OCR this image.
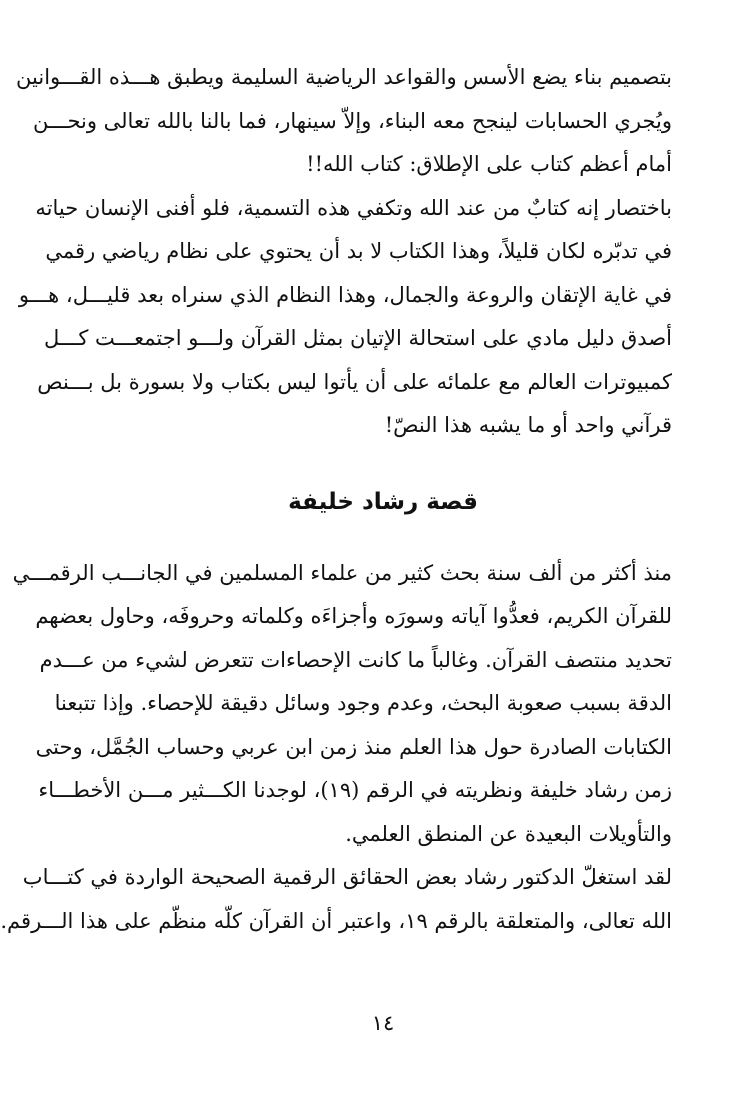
بتصميم بناء يضع الأسس والقواعد الرياضية السليمة ويطبق هـــذه القـــوانين
ويُجري الحسابات لينجح معه البناء، وإلاّ سينهار، فما بالنا بالله تعالى ونحـــن
أمام أعظم كتاب على الإطلاق: كتاب الله!!

باختصار إنه كتابٌ من عند الله وتكفي هذه التسمية، فلو أفنى الإنسان حياته
في تدبّره لكان قليلاً، وهذا الكتاب لا بد أن يحتوي على نظام رياضي رقمي
في غاية الإتقان والروعة والجمال، وهذا النظام الذي سنراه بعد قليـــل، هـــو
أصدق دليل مادي على استحالة الإتيان بمثل القرآن ولـــو اجتمعـــت كـــل
كمبيوترات العالم مع علمائه على أن يأتوا ليس بكتاب ولا بسورة بل بـــنص
قرآني واحد أو ما يشبه هذا النصّ!

قصة رشاد خليفة

منذ أكثر من ألف سنة بحث كثير من علماء المسلمين في الجانـــب الرقمـــي
للقرآن الكريم، فعدُّوا آياته وسورَه وأجزاءَه وكلماته وحروفَه، وحاول بعضهم
تحديد منتصف القرآن. وغالباً ما كانت الإحصاءات تتعرض لشيء من عـــدم
الدقة بسبب صعوبة البحث، وعدم وجود وسائل دقيقة للإحصاء. وإذا تتبعنا
الكتابات الصادرة حول هذا العلم منذ زمن ابن عربي وحساب الجُمَّل، وحتى
زمن رشاد خليفة ونظريته في الرقم (١٩)، لوجدنا الكـــثير مـــن الأخطـــاء
والتأويلات البعيدة عن المنطق العلمي.

لقد استغلّ الدكتور رشاد بعض الحقائق الرقمية الصحيحة الواردة في كتـــاب
الله تعالى، والمتعلقة بالرقم ١٩، واعتبر أن القرآن كلّه منظّم على هذا الـــرقم.

١٤
